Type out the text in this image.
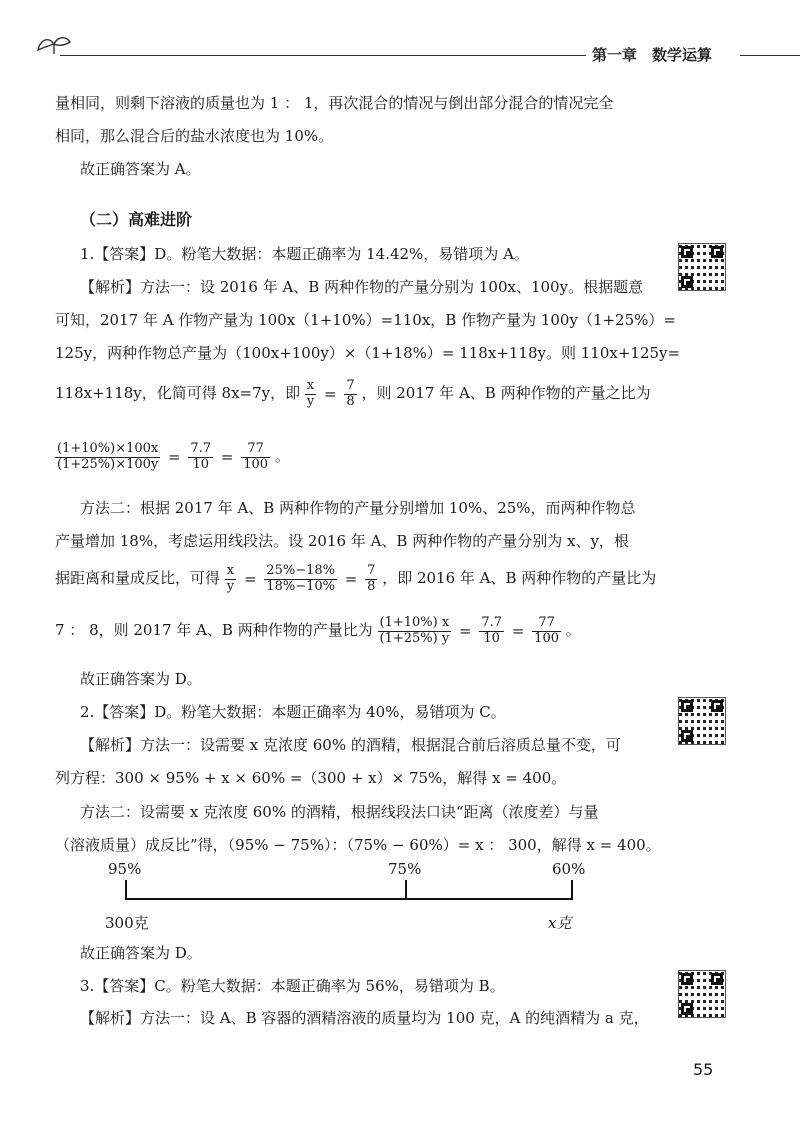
第一章　数学运算
量相同，则剩下溶液的质量也为 1 ： 1，再次混合的情况与倒出部分混合的情况完全
相同，那么混合后的盐水浓度也为 10%。
故正确答案为 A。
（二）高难进阶
1.【答案】D。粉笔大数据：本题正确率为 14.42%，易错项为 A。
【解析】方法一：设 2016 年 A、B 两种作物的产量分别为 100x、100y。根据题意
可知，2017 年 A 作物产量为 100x（1+10%）=110x，B 作物产量为 100y（1+25%）=
125y，两种作物总产量为（100x+100y）×（1+18%）= 118x+118y。则 110x+125y=
118x+118y，化简可得 8x=7y，即 $\frac{x}{y} = \frac{7}{8}$ ，则 2017 年 A、B 两种作物的产量之比为
$\frac{(1+10\%)\times 100x}{(1+25\%)\times 100y} = \frac{7.7}{10} = \frac{77}{100}$ 。
方法二：根据 2017 年 A、B 两种作物的产量分别增加 10%、25%，而两种作物总
产量增加 18%，考虑运用线段法。设 2016 年 A、B 两种作物的产量分别为 x、y，根
据距离和量成反比，可得 $\frac{x}{y} = \frac{25\%-18\%}{18\%-10\%} = \frac{7}{8}$ ，即 2016 年 A、B 两种作物的产量比为
7 ： 8，则 2017 年 A、B 两种作物的产量比为 $\frac{(1+10\%) x}{(1+25\%) y} = \frac{7.7}{10} = \frac{77}{100}$ 。
故正确答案为 D。
2.【答案】D。粉笔大数据：本题正确率为 40%，易错项为 C。
【解析】方法一：设需要 x 克浓度 60% 的酒精，根据混合前后溶质总量不变，可
列方程：300 × 95% + x × 60% =（300 + x）× 75%，解得 x = 400。
方法二：设需要 x 克浓度 60% 的酒精，根据线段法口诀“距离（浓度差）与量
（溶液质量）成反比”得，（95% − 75%）：（75% − 60%）= x ： 300，解得 x = 400。
95%	75%	60%
300克	x克
故正确答案为 D。
3.【答案】C。粉笔大数据：本题正确率为 56%，易错项为 B。
【解析】方法一：设 A、B 容器的酒精溶液的质量均为 100 克，A 的纯酒精为 a 克，
55
